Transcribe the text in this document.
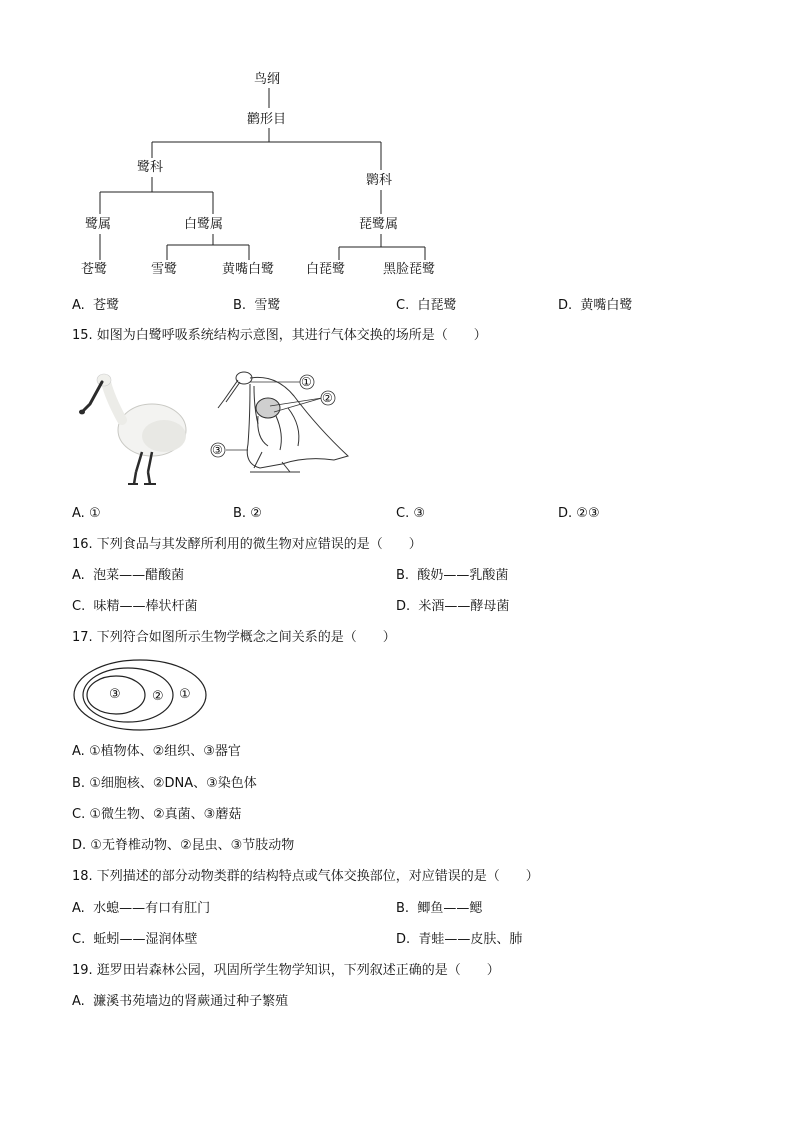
鸟纲
鹳形目
鹭科
鹮科
鹭属	白鹭属	琵鹭属
苍鹭	雪鹭	黄嘴白鹭 白琵鹭	黑脸琵鹭
A. 苍鹭	B. 雪鹭	C. 白琵鹭	D. 黄嘴白鹭
15. 如图为白鹭呼吸系统结构示意图，其进行气体交换的场所是（　　）
①
②
③
A. ①	B. ②	C. ③	D. ②③
16. 下列食品与其发酵所利用的微生物对应错误的是（　　）
A. 泡菜——醋酸菌	B. 酸奶——乳酸菌
C. 味精——棒状杆菌	D. 米酒——酵母菌
17. 下列符合如图所示生物学概念之间关系的是（　　）
③ ② ①
A. ①植物体、②组织、③器官
B. ①细胞核、②DNA、③染色体
C. ①微生物、②真菌、③蘑菇
D. ①无脊椎动物、②昆虫、③节肢动物
18. 下列描述的部分动物类群的结构特点或气体交换部位，对应错误的是（　　）
A. 水螅——有口有肛门	B. 鲫鱼——鳃
C. 蚯蚓——湿润体壁	D. 青蛙——皮肤、肺
19. 逛罗田岩森林公园，巩固所学生物学知识，下列叙述正确的是（　　）
A. 濂溪书苑墙边的肾蕨通过种子繁殖
